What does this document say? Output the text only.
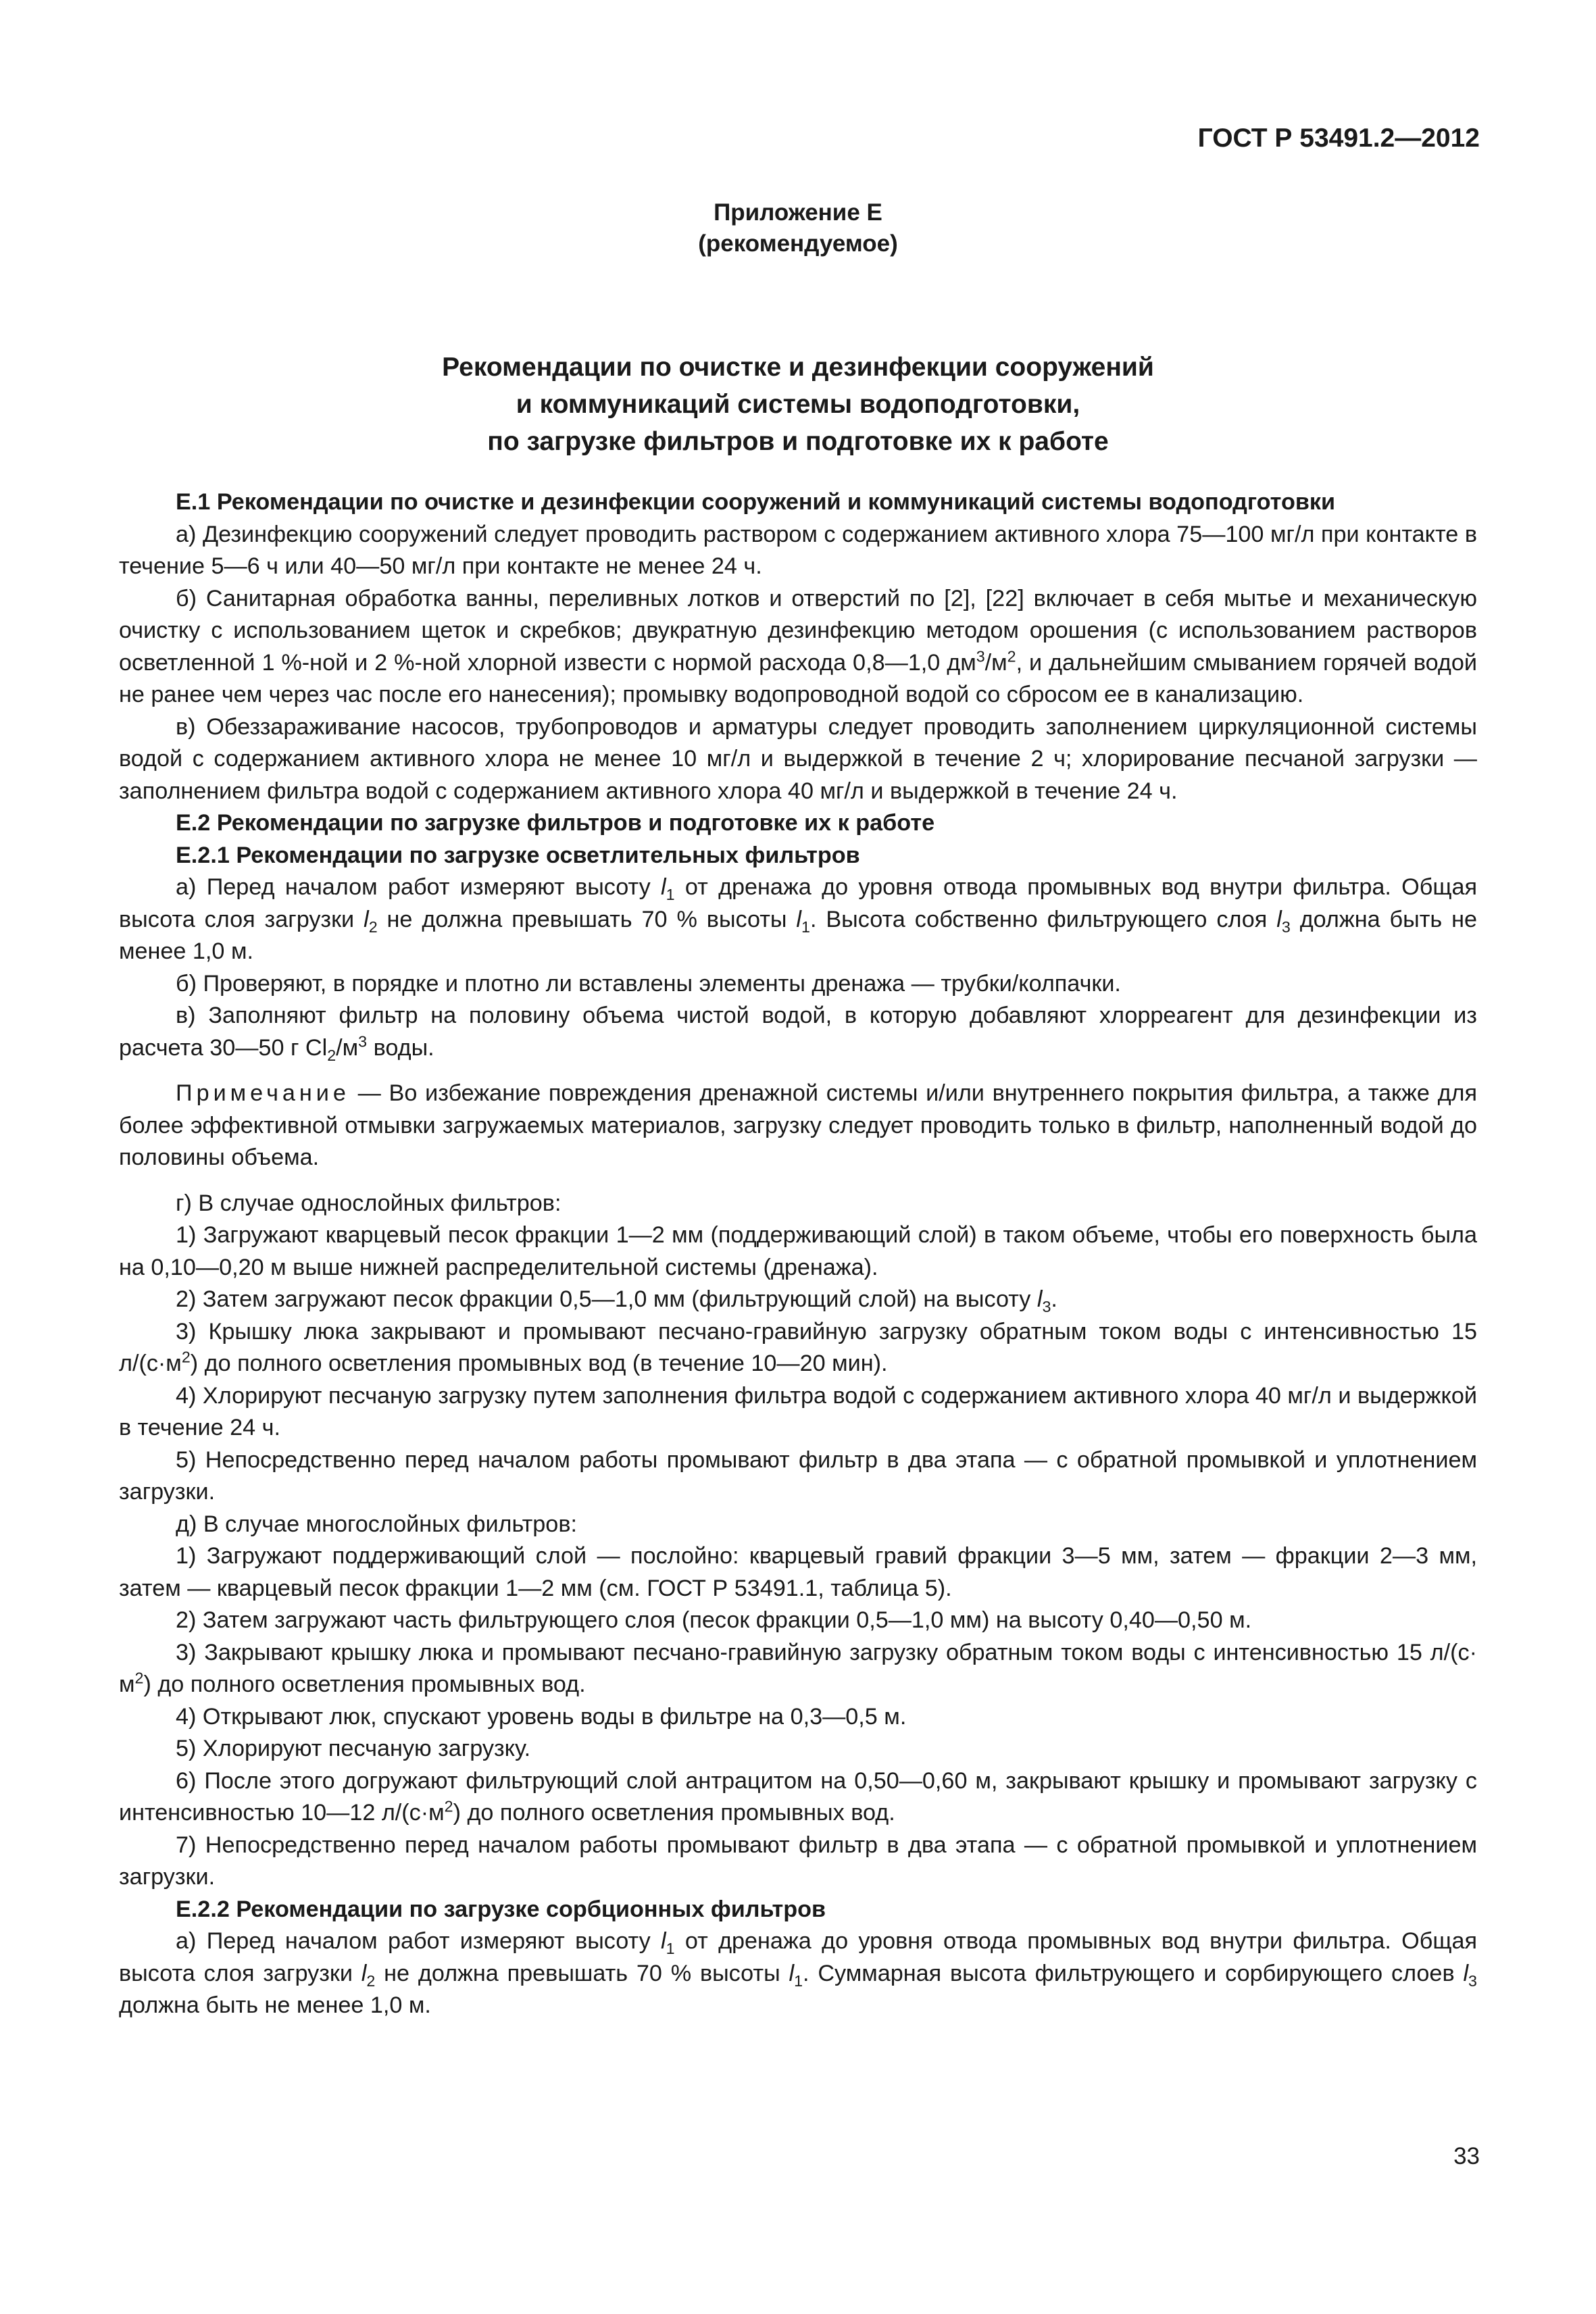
ГОСТ Р 53491.2—2012

Приложение Е
(рекомендуемое)
Рекомендации по очистке и дезинфекции сооружений
и коммуникаций системы водоподготовки,
по загрузке фильтров и подготовке их к работе

Е.1 Рекомендации по очистке и дезинфекции сооружений и коммуникаций системы водоподготовки

а) Дезинфекцию сооружений следует проводить раствором с содержанием активного хлора 75—100 мг/л при контакте в течение 5—6 ч или 40—50 мг/л при контакте не менее 24 ч.

б) Санитарная обработка ванны, переливных лотков и отверстий по [2], [22] включает в себя мытье и механическую очистку с использованием щеток и скребков; двукратную дезинфекцию методом орошения (с использованием растворов осветленной 1 %-ной и 2 %-ной хлорной извести с нормой расхода 0,8—1,0 $дм^3/м^2$, и дальнейшим смыванием горячей водой не ранее чем через час после его нанесения); промывку водопроводной водой со сбросом ее в канализацию.

в) Обеззараживание насосов, трубопроводов и арматуры следует проводить заполнением циркуляционной системы водой с содержанием активного хлора не менее 10 мг/л и выдержкой в течение 2 ч; хлорирование песчаной загрузки — заполнением фильтра водой с содержанием активного хлора 40 мг/л и выдержкой в течение 24 ч.

Е.2 Рекомендации по загрузке фильтров и подготовке их к работе

Е.2.1 Рекомендации по загрузке осветлительных фильтров

а) Перед началом работ измеряют высоту $l_1$ от дренажа до уровня отвода промывных вод внутри фильтра. Общая высота слоя загрузки $l_2$ не должна превышать 70 % высоты $l_1$. Высота собственно фильтрующего слоя $l_3$ должна быть не менее 1,0 м.

б) Проверяют, в порядке и плотно ли вставлены элементы дренажа — трубки/колпачки.

в) Заполняют фильтр на половину объема чистой водой, в которую добавляют хлорреагент для дезинфекции из расчета 30—50 г $Cl_2/м^3$ воды.

Примечание — Во избежание повреждения дренажной системы и/или внутреннего покрытия фильтра, а также для более эффективной отмывки загружаемых материалов, загрузку следует проводить только в фильтр, наполненный водой до половины объема.

г) В случае однослойных фильтров:

1) Загружают кварцевый песок фракции 1—2 мм (поддерживающий слой) в таком объеме, чтобы его поверхность была на 0,10—0,20 м выше нижней распределительной системы (дренажа).

2) Затем загружают песок фракции 0,5—1,0 мм (фильтрующий слой) на высоту $l_3$.

3) Крышку люка закрывают и промывают песчано-гравийную загрузку обратным током воды с интенсивностью 15 $л/(с\cdot м^2)$ до полного осветления промывных вод (в течение 10—20 мин).

4) Хлорируют песчаную загрузку путем заполнения фильтра водой с содержанием активного хлора 40 мг/л и выдержкой в течение 24 ч.

5) Непосредственно перед началом работы промывают фильтр в два этапа — с обратной промывкой и уплотнением загрузки.

д) В случае многослойных фильтров:

1) Загружают поддерживающий слой — послойно: кварцевый гравий фракции 3—5 мм, затем — фракции 2—3 мм, затем — кварцевый песок фракции 1—2 мм (см. ГОСТ Р 53491.1, таблица 5).

2) Затем загружают часть фильтрующего слоя (песок фракции 0,5—1,0 мм) на высоту 0,40—0,50 м.

3) Закрывают крышку люка и промывают песчано-гравийную загрузку обратным током воды с интенсивностью 15 $л/(с\cdot м^2)$ до полного осветления промывных вод.

4) Открывают люк, спускают уровень воды в фильтре на 0,3—0,5 м.

5) Хлорируют песчаную загрузку.

6) После этого догружают фильтрующий слой антрацитом на 0,50—0,60 м, закрывают крышку и промывают загрузку с интенсивностью 10—12 $л/(с\cdot м^2)$ до полного осветления промывных вод.

7) Непосредственно перед началом работы промывают фильтр в два этапа — с обратной промывкой и уплотнением загрузки.

Е.2.2 Рекомендации по загрузке сорбционных фильтров

а) Перед началом работ измеряют высоту $l_1$ от дренажа до уровня отвода промывных вод внутри фильтра. Общая высота слоя загрузки $l_2$ не должна превышать 70 % высоты $l_1$. Суммарная высота фильтрующего и сорбирующего слоев $l_3$ должна быть не менее 1,0 м.

33
